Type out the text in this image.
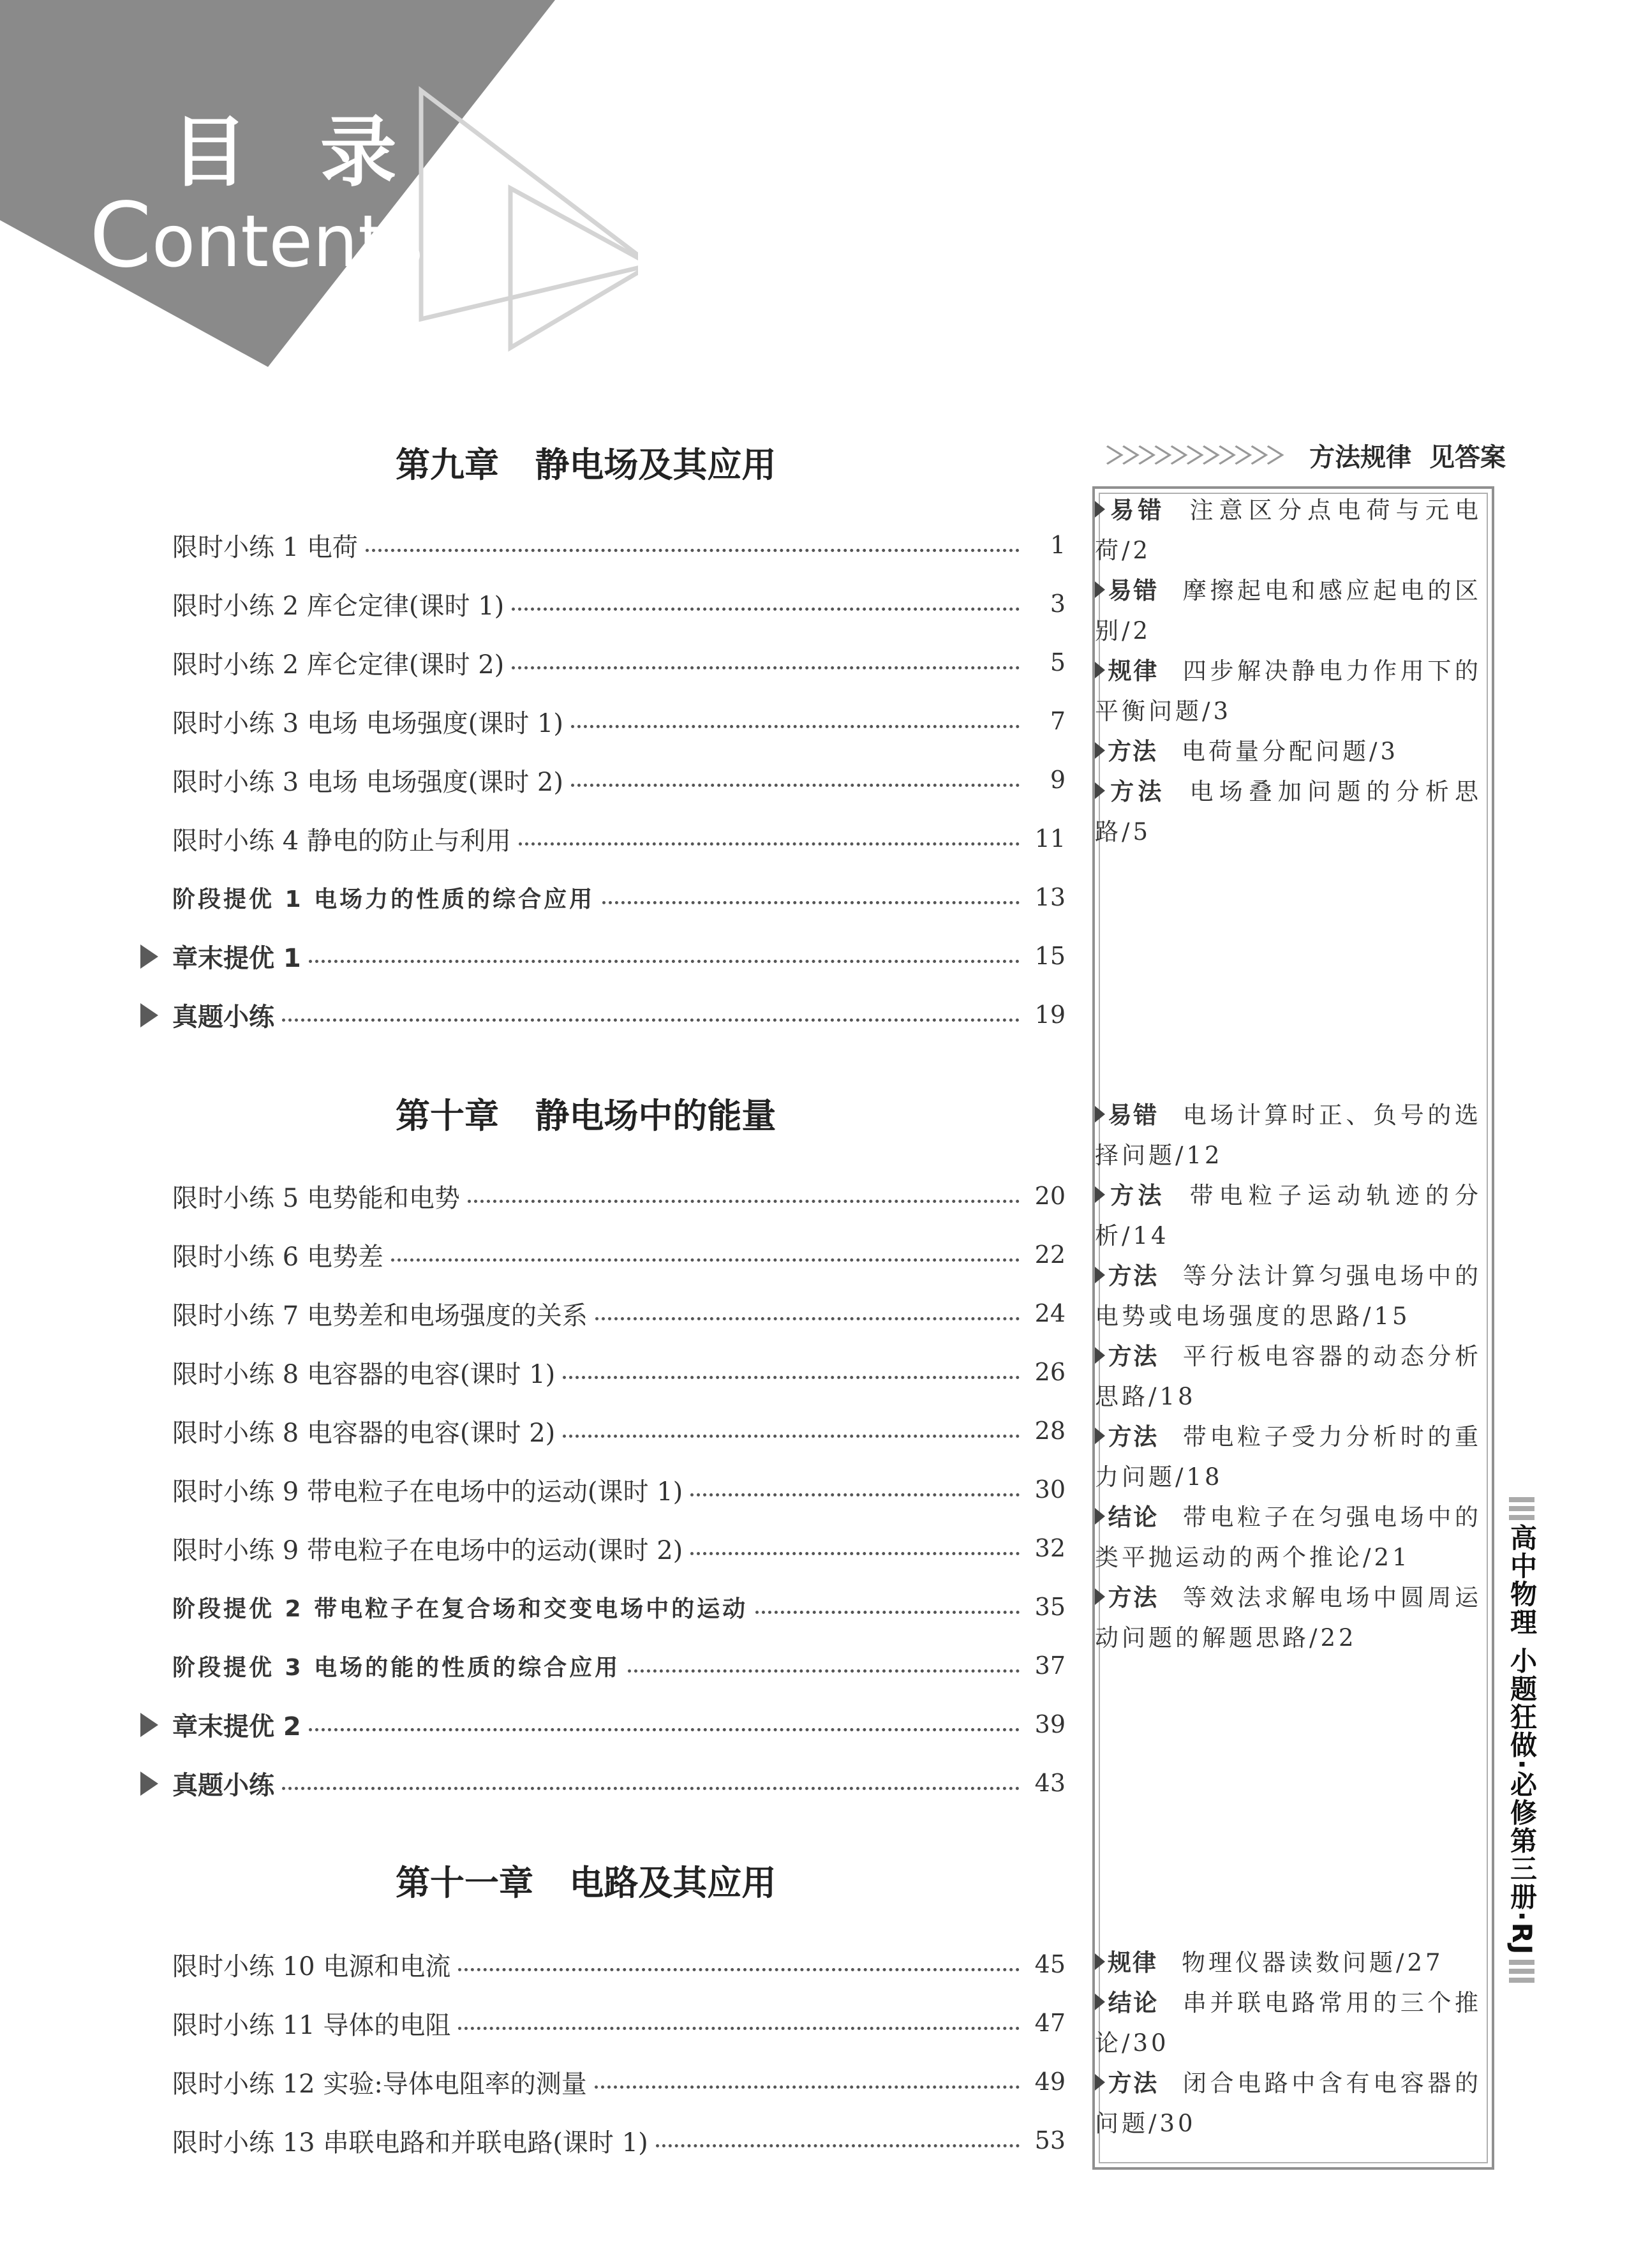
目 录
Contents
方法规律  见答案
第九章   静电场及其应用
限时小练 1 电荷	1
限时小练 2 库仑定律(课时 1)	3
限时小练 2 库仑定律(课时 2)	5
限时小练 3 电场 电场强度(课时 1)	7
限时小练 3 电场 电场强度(课时 2)	9
限时小练 4 静电的防止与利用	11
阶段提优 1 电场力的性质的综合应用	13
章末提优 1	15
真题小练	19
第十章   静电场中的能量
限时小练 5 电势能和电势	20
限时小练 6 电势差	22
限时小练 7 电势差和电场强度的关系	24
限时小练 8 电容器的电容(课时 1)	26
限时小练 8 电容器的电容(课时 2)	28
限时小练 9 带电粒子在电场中的运动(课时 1)	30
限时小练 9 带电粒子在电场中的运动(课时 2)	32
阶段提优 2 带电粒子在复合场和交变电场中的运动	35
阶段提优 3 电场的能的性质的综合应用	37
章末提优 2	39
真题小练	43
第十一章   电路及其应用
限时小练 10 电源和电流	45
限时小练 11 导体的电阻	47
限时小练 12 实验:导体电阻率的测量	49
限时小练 13 串联电路和并联电路(课时 1)	53
易错 注意区分点电荷与元电荷/2
易错 摩擦起电和感应起电的区别/2
规律 四步解决静电力作用下的平衡问题/3
方法 电荷量分配问题/3
方法 电场叠加问题的分析思路/5
易错 电场计算时正、负号的选择问题/12
方法 带电粒子运动轨迹的分析/14
方法 等分法计算匀强电场中的电势或电场强度的思路/15
方法 平行板电容器的动态分析思路/18
方法 带电粒子受力分析时的重力问题/18
结论 带电粒子在匀强电场中的类平抛运动的两个推论/21
方法 等效法求解电场中圆周运动问题的解题思路/22
规律 物理仪器读数问题/27
结论 串并联电路常用的三个推论/30
方法 闭合电路中含有电容器的问题/30
高中物理 小题狂做·必修第三册·RJ
